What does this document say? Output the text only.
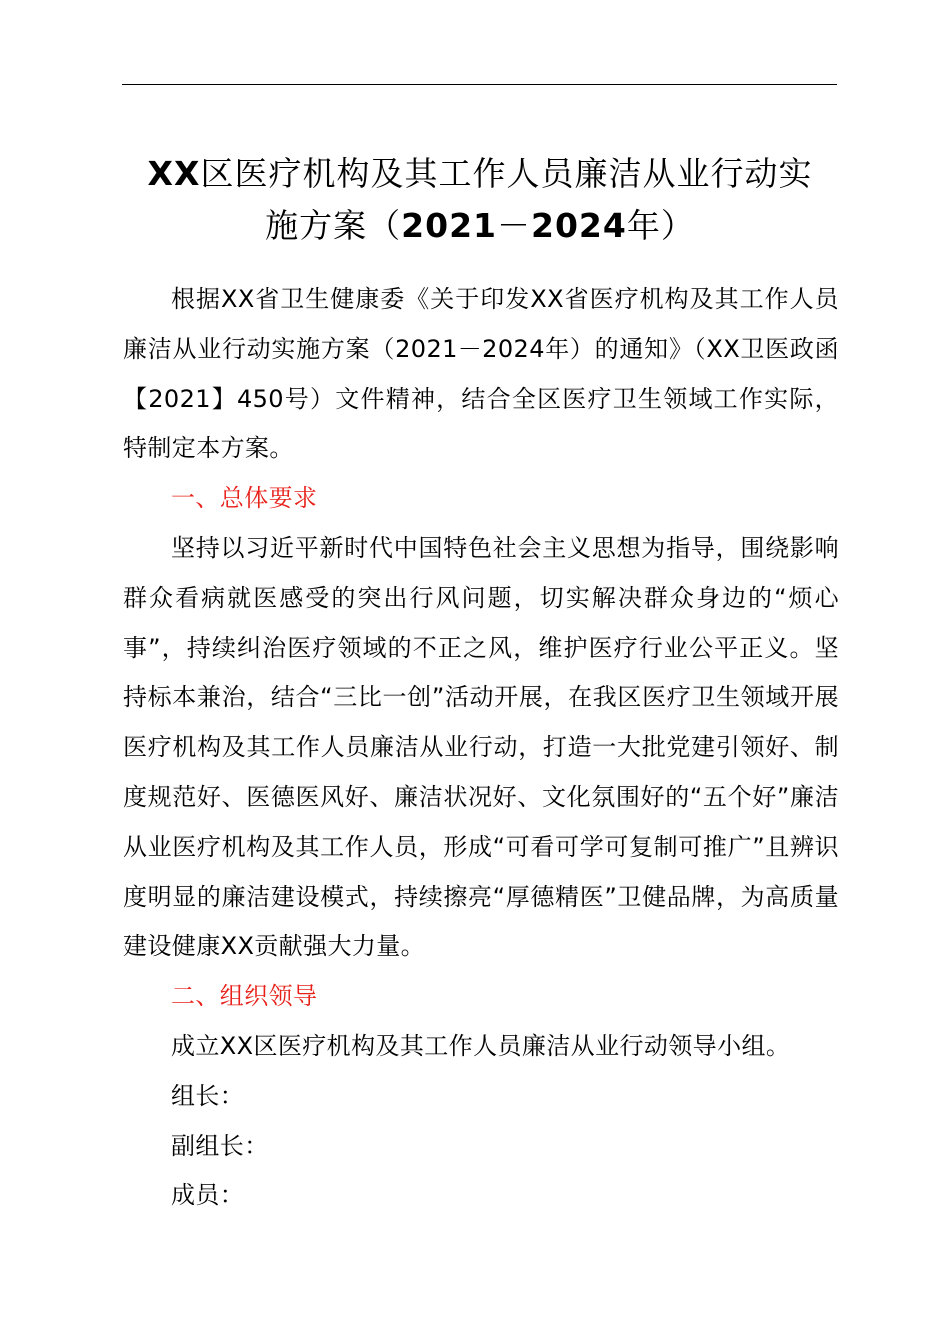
XX区医疗机构及其工作人员廉洁从业行动实
施方案（2021－2024年）

根据XX省卫生健康委《关于印发XX省医疗机构及其工作人员廉洁从业行动实施方案（2021－2024年）的通知》（XX卫医政函【2021】450号）文件精神，结合全区医疗卫生领域工作实际，特制定本方案。

一、总体要求

坚持以习近平新时代中国特色社会主义思想为指导，围绕影响群众看病就医感受的突出行风问题，切实解决群众身边的“烦心事”，持续纠治医疗领域的不正之风，维护医疗行业公平正义。坚持标本兼治，结合“三比一创”活动开展，在我区医疗卫生领域开展医疗机构及其工作人员廉洁从业行动，打造一大批党建引领好、制度规范好、医德医风好、廉洁状况好、文化氛围好的“五个好”廉洁从业医疗机构及其工作人员，形成“可看可学可复制可推广”且辨识度明显的廉洁建设模式，持续擦亮“厚德精医”卫健品牌，为高质量建设健康XX贡献强大力量。

二、组织领导

成立XX区医疗机构及其工作人员廉洁从业行动领导小组。

组长：

副组长：

成员：
